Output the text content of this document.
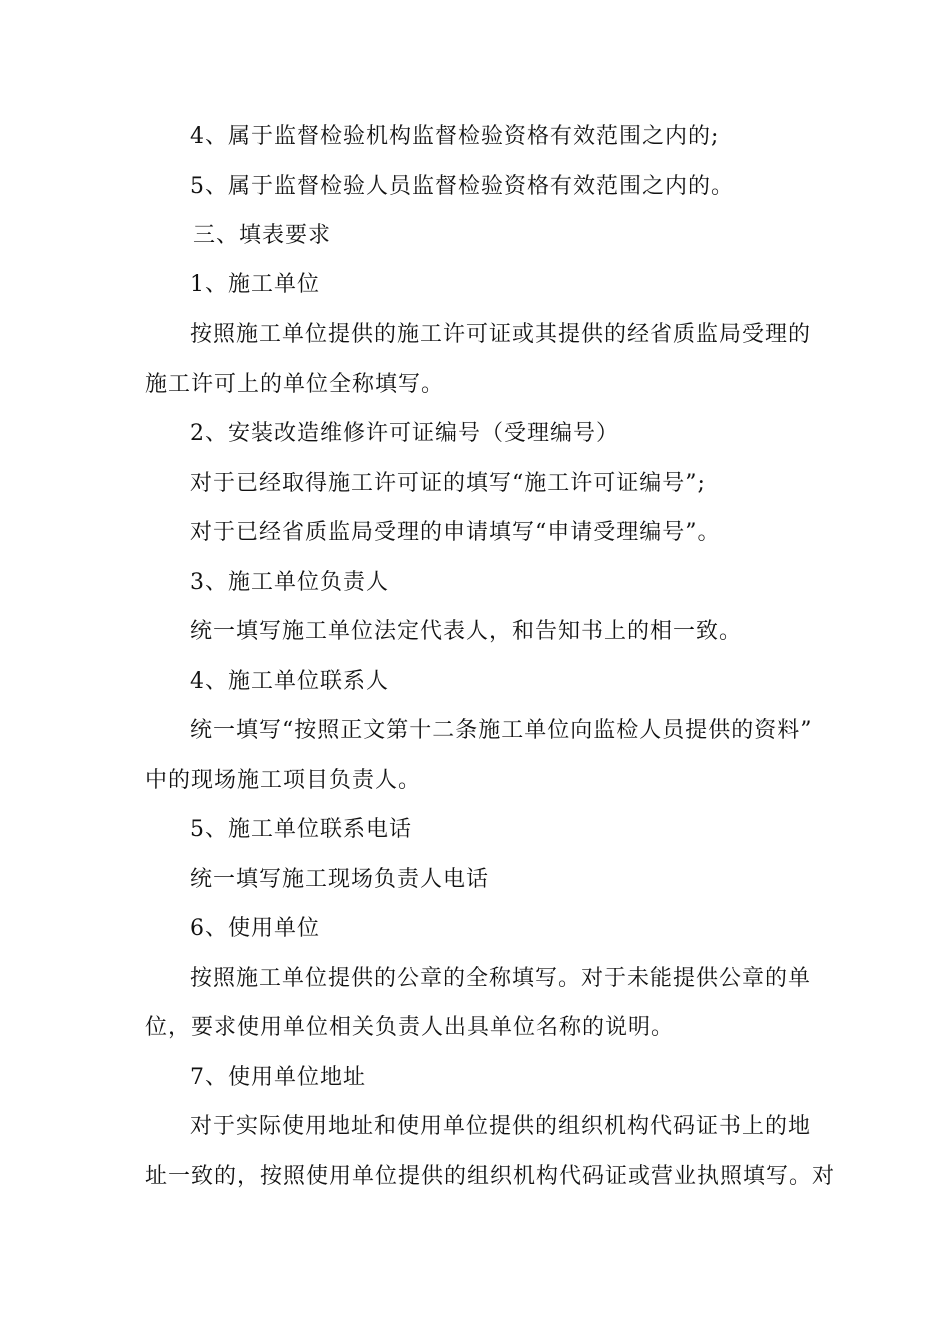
4、属于监督检验机构监督检验资格有效范围之内的;
5、属于监督检验人员监督检验资格有效范围之内的。
三、填表要求
1、施工单位
按照施工单位提供的施工许可证或其提供的经省质监局受理的
施工许可上的单位全称填写。
2、安装改造维修许可证编号（受理编号）
对于已经取得施工许可证的填写“施工许可证编号”;
对于已经省质监局受理的申请填写“申请受理编号”。
3、施工单位负责人
统一填写施工单位法定代表人，和告知书上的相一致。
4、施工单位联系人
统一填写“按照正文第十二条施工单位向监检人员提供的资料”
中的现场施工项目负责人。
5、施工单位联系电话
统一填写施工现场负责人电话
6、使用单位
按照施工单位提供的公章的全称填写。对于未能提供公章的单
位，要求使用单位相关负责人出具单位名称的说明。
7、使用单位地址
对于实际使用地址和使用单位提供的组织机构代码证书上的地
址一致的，按照使用单位提供的组织机构代码证或营业执照填写。对
